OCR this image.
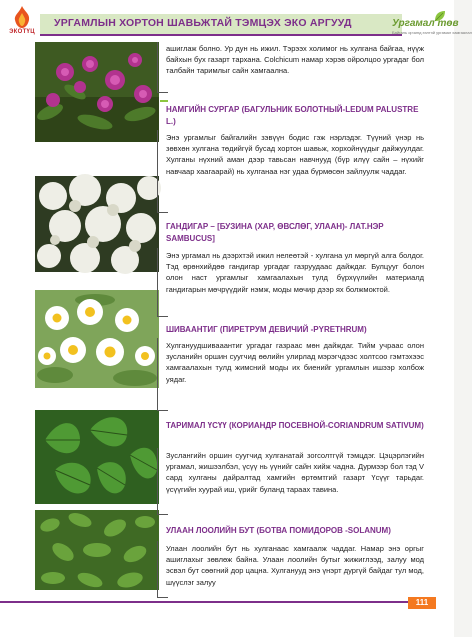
ЭКОТҮЦ
УРГАМЛЫН ХОРТОН ШАВЬЖТАЙ ТЭМЦЭХ ЭКО АРГУУД	Ургамал төв
Байгаль орчинд ээлтэй ургамал хамгаалал

ашиглаж болно. Ур дун нь ижил. Тэрээх холимог нь хулгана байгаа, нүүж байхын бух газарт тархана. Colchicum намар хэрэв ойролцоо ургадаг бол талбайн таримлыг сайн хамгаална.

НАМГИЙН СУРГАР (БАГУЛЬНИК БОЛОТНЫЙ-LEDUM PALUSTRE L.)

Энэ ургамлыг байгалийн зэвүүн бодис гэж нэрлэдэг. Түүний үнэр нь зөвхөн хулгана төдийгүй бусад хортон шавьж, хорхойнүүдыг дайжуулдаг. Хулганы нүхний аман дээр тавьсан навчнууд (бүр илүү сайн – нүхийг навчаар хаагаарай) нь хулганаа нэг удаа бүрмөсөн зайлуулж чаддаг.

ГАНДИГАР – [БУЗИНА (ХАР, ӨВСЛӨГ, УЛААН)- ЛАТ.НЭР SAMBUCUS]

Энэ ургамал нь дээрхтэй ижил нелеөтэй - хулгана ул мөргүй алга болдог. Тэд өрөнхийдөө гандигар ургадаг газруудаас дайждаг. Булцууг болон олон наст ургамлыг хамгаалахын тулд бүрхүүлийн материалд гандигарын мөчрүүдийг нэмж, моды мөчир дээр ях болжмоктой.

ШИВААНТИГ (ПИРЕТРУМ ДЕВИЧИЙ -PYRETHRUM)

Хулгануудшивааантиг ургадаг газраас мөн дайждаг. Тийм учраас олон зусланийн оршин суугчид өөлийн улирлад мэрэгчдээс холтсоо гэмтэхээс хамгаалахын тулд жимсний моды их биенийг ургамлын ишээр холбож уядаг.

ТАРИМАЛ ҮСҮҮ (КОРИАНДР ПОСЕВНОЙ-CORIANDRUM SATIVUM)

Зуслангийн оршин суугчид хулганатай зогсолтгүй тэмцдэг. Цэцэрлэгийн ургамал, жишээлбэл, үсүү нь үүнийг сайн хийж чадна. Дурмээр бол тэд V сард хулганы дайралтад хамгийн өртөмтгий газарт Үсүүг тарьдаг. үсүүгийн хуурай иш, үрийг буланд тараах тавина.

УЛААН ЛООЛИЙН БУТ (БОТВА ПОМИДОРОВ -SOLANUM)

Улаан лоолийн бут нь хулганаас хамгаалж чаддаг. Намар энэ оргыг ашиглахыг зөвлөж байна. Улаан лоолийн бутыг жижиглээд, залуу мод эсвэл бут сөөгний дор цацна. Хулганууд энэ үнэрт дургүй байдаг тул мод, шүүслэг залуу

111
